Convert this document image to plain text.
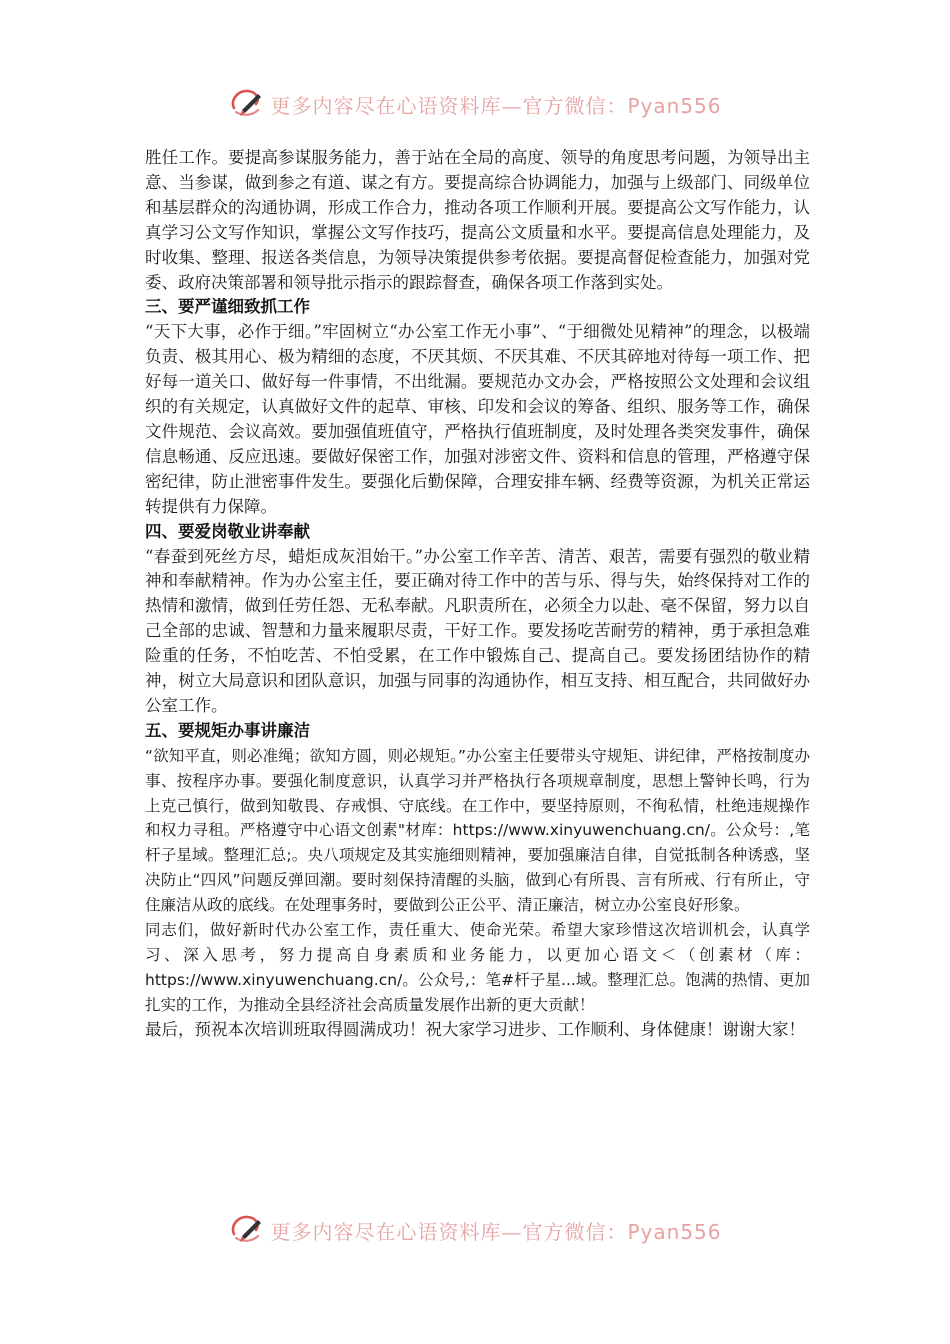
更多内容尽在心语资料库—官方微信：Pyan556

胜任工作。要提高参谋服务能力，善于站在全局的高度、领导的角度思考问题，为领导出主意、当参谋，做到参之有道、谋之有方。要提高综合协调能力，加强与上级部门、同级单位和基层群众的沟通协调，形成工作合力，推动各项工作顺利开展。要提高公文写作能力，认真学习公文写作知识，掌握公文写作技巧，提高公文质量和水平。要提高信息处理能力，及时收集、整理、报送各类信息，为领导决策提供参考依据。要提高督促检查能力，加强对党委、政府决策部署和领导批示指示的跟踪督查，确保各项工作落到实处。

三、要严谨细致抓工作

“天下大事，必作于细。”牢固树立“办公室工作无小事”、“于细微处见精神”的理念，以极端负责、极其用心、极为精细的态度，不厌其烦、不厌其难、不厌其碎地对待每一项工作、把好每一道关口、做好每一件事情，不出纰漏。要规范办文办会，严格按照公文处理和会议组织的有关规定，认真做好文件的起草、审核、印发和会议的筹备、组织、服务等工作，确保文件规范、会议高效。要加强值班值守，严格执行值班制度，及时处理各类突发事件，确保信息畅通、反应迅速。要做好保密工作，加强对涉密文件、资料和信息的管理，严格遵守保密纪律，防止泄密事件发生。要强化后勤保障，合理安排车辆、经费等资源，为机关正常运转提供有力保障。

四、要爱岗敬业讲奉献

“春蚕到死丝方尽，蜡炬成灰泪始干。”办公室工作辛苦、清苦、艰苦，需要有强烈的敬业精神和奉献精神。作为办公室主任，要正确对待工作中的苦与乐、得与失，始终保持对工作的热情和激情，做到任劳任怨、无私奉献。凡职责所在，必须全力以赴、毫不保留，努力以自己全部的忠诚、智慧和力量来履职尽责，干好工作。要发扬吃苦耐劳的精神，勇于承担急难险重的任务，不怕吃苦、不怕受累，在工作中锻炼自己、提高自己。要发扬团结协作的精神，树立大局意识和团队意识，加强与同事的沟通协作，相互支持、相互配合，共同做好办公室工作。

五、要规矩办事讲廉洁

“欲知平直，则必准绳；欲知方圆，则必规矩。”办公室主任要带头守规矩、讲纪律，严格按制度办事、按程序办事。要强化制度意识，认真学习并严格执行各项规章制度，思想上警钟长鸣，行为上克己慎行，做到知敬畏、存戒惧、守底线。在工作中，要坚持原则，不徇私情，杜绝违规操作和权力寻租。严格遵守中心语文创素"材库：https://www.xinyuwenchuang.cn/。公众号：,笔杆子星域。整理汇总;。央八项规定及其实施细则精神，要加强廉洁自律，自觉抵制各种诱惑，坚决防止“四风”问题反弹回潮。要时刻保持清醒的头脑，做到心有所畏、言有所戒、行有所止，守住廉洁从政的底线。在处理事务时，要做到公正公平、清正廉洁，树立办公室良好形象。

同志们，做好新时代办公室工作，责任重大、使命光荣。希望大家珍惜这次培训机会，认真学习、深入思考，努力提高自身素质和业务能力，以更加心语文＜（创素材（库：https://www.xinyuwenchuang.cn/。公众号,：笔#杆子星...域。整理汇总。饱满的热情、更加扎实的工作，为推动全县经济社会高质量发展作出新的更大贡献！

最后，预祝本次培训班取得圆满成功！祝大家学习进步、工作顺利、身体健康！谢谢大家！

更多内容尽在心语资料库—官方微信：Pyan556
